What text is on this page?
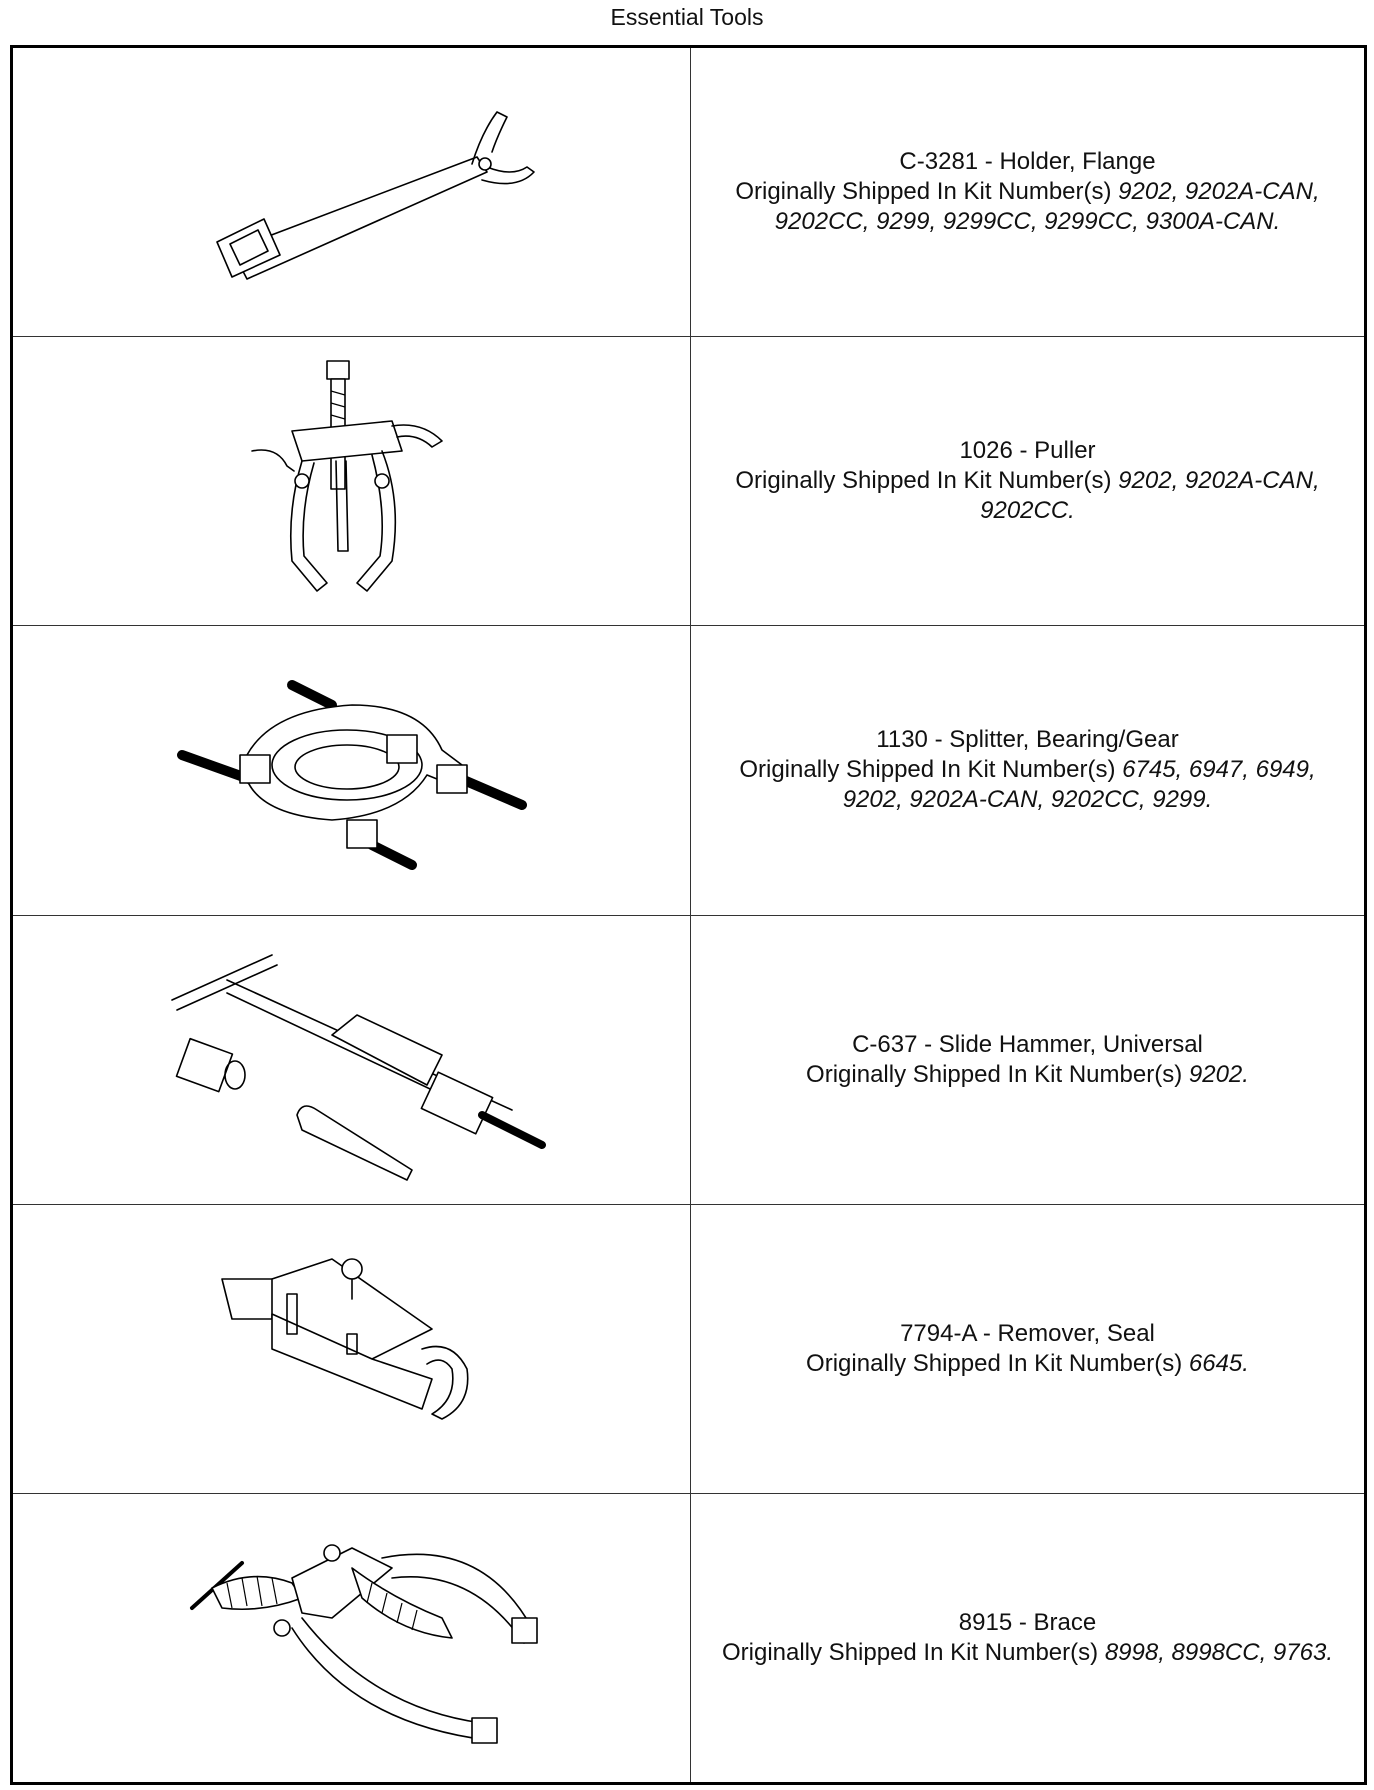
Essential Tools
C-3281 - Holder, Flange
Originally Shipped In Kit Number(s) 9202, 9202A-CAN, 9202CC, 9299, 9299CC, 9299CC, 9300A-CAN.
1026 - Puller
Originally Shipped In Kit Number(s) 9202, 9202A-CAN, 9202CC.
1130 - Splitter, Bearing/Gear
Originally Shipped In Kit Number(s) 6745, 6947, 6949, 9202, 9202A-CAN, 9202CC, 9299.
C-637 - Slide Hammer, Universal
Originally Shipped In Kit Number(s) 9202.
7794-A - Remover, Seal
Originally Shipped In Kit Number(s) 6645.
8915 - Brace
Originally Shipped In Kit Number(s) 8998, 8998CC, 9763.
